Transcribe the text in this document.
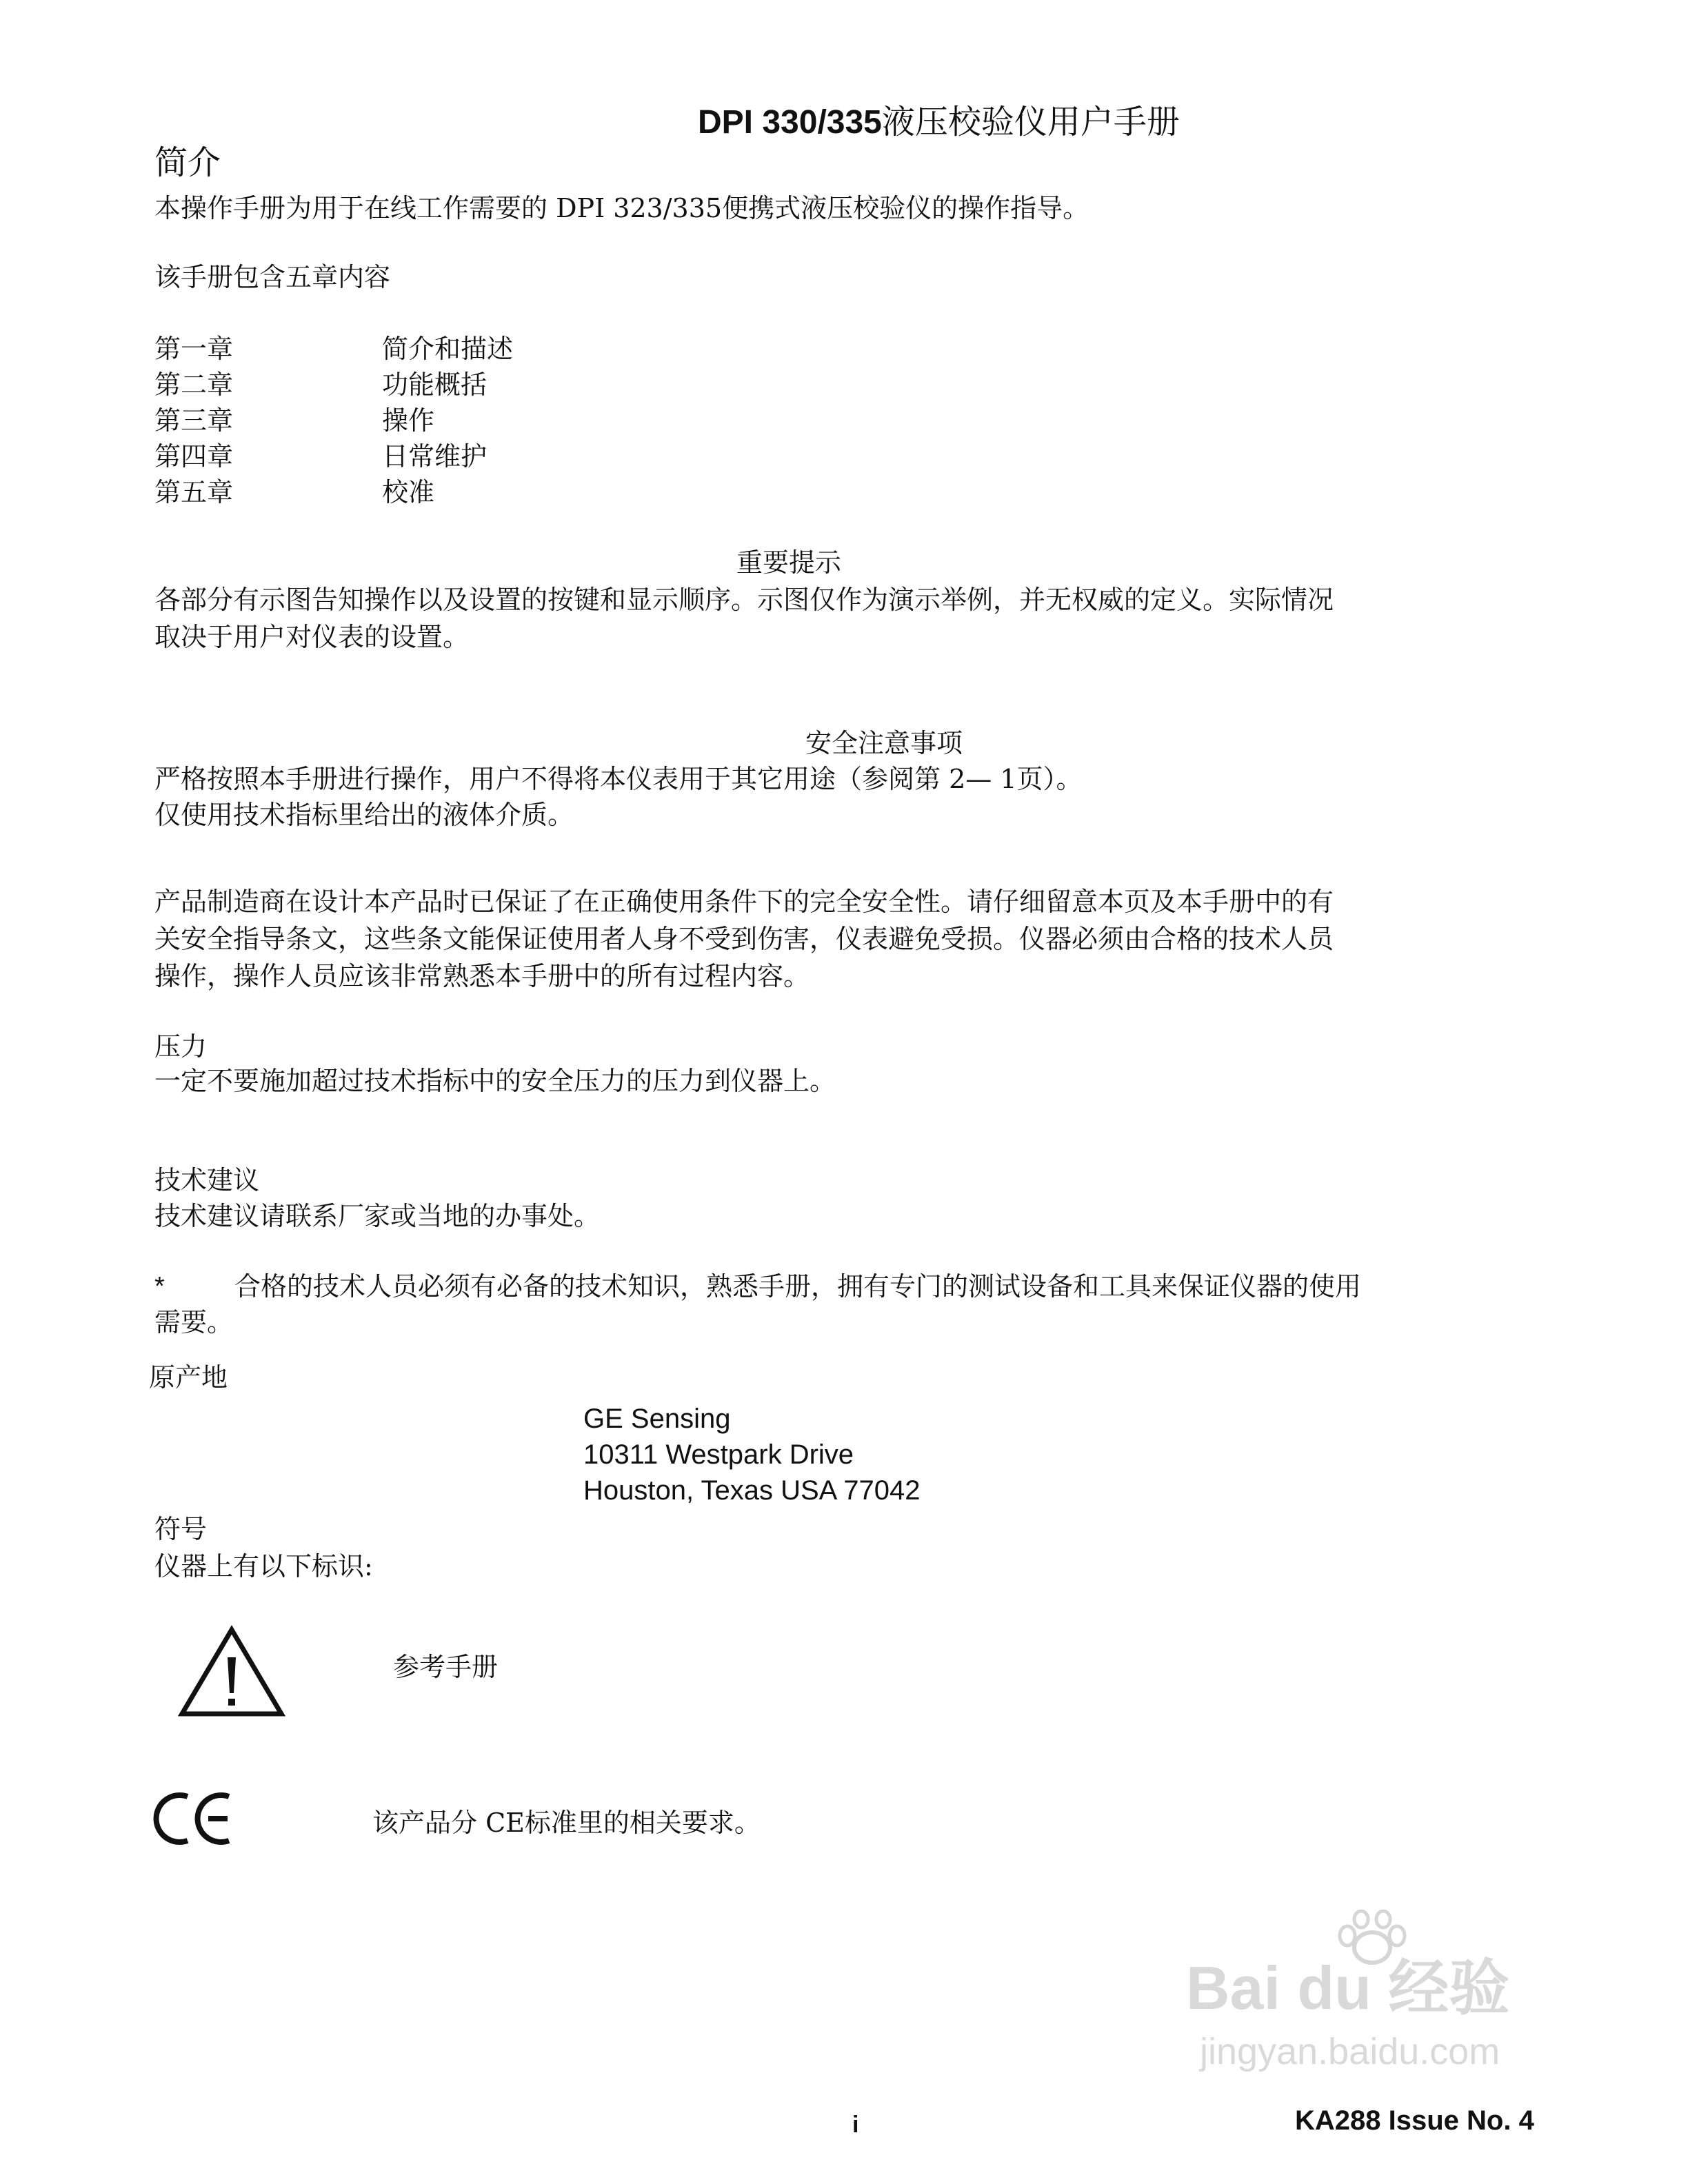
DPI 330/335液压校验仪用户手册
简介
本操作手册为用于在线工作需要的 DPI 323/335便携式液压校验仪的操作指导。
该手册包含五章内容
第一章	简介和描述
第二章	功能概括
第三章	操作
第四章	日常维护
第五章	校准
重要提示
各部分有示图告知操作以及设置的按键和显示顺序。示图仅作为演示举例，并无权威的定义。实际情况
取决于用户对仪表的设置。
安全注意事项
严格按照本手册进行操作，用户不得将本仪表用于其它用途（参阅第 2— 1页）。
仅使用技术指标里给出的液体介质。
产品制造商在设计本产品时已保证了在正确使用条件下的完全安全性。请仔细留意本页及本手册中的有
关安全指导条文，这些条文能保证使用者人身不受到伤害，仪表避免受损。仪器必须由合格的技术人员
操作，操作人员应该非常熟悉本手册中的所有过程内容。
压力
一定不要施加超过技术指标中的安全压力的压力到仪器上。
技术建议
技术建议请联系厂家或当地的办事处。
*	合格的技术人员必须有必备的技术知识，熟悉手册，拥有专门的测试设备和工具来保证仪器的使用
需要。
原产地
GE Sensing
10311 Westpark Drive
Houston, Texas USA 77042
符号
仪器上有以下标识:
参考手册
该产品分 CE标准里的相关要求。
Bai du 经验
jingyan.baidu.com
i	KA288 Issue No. 4
